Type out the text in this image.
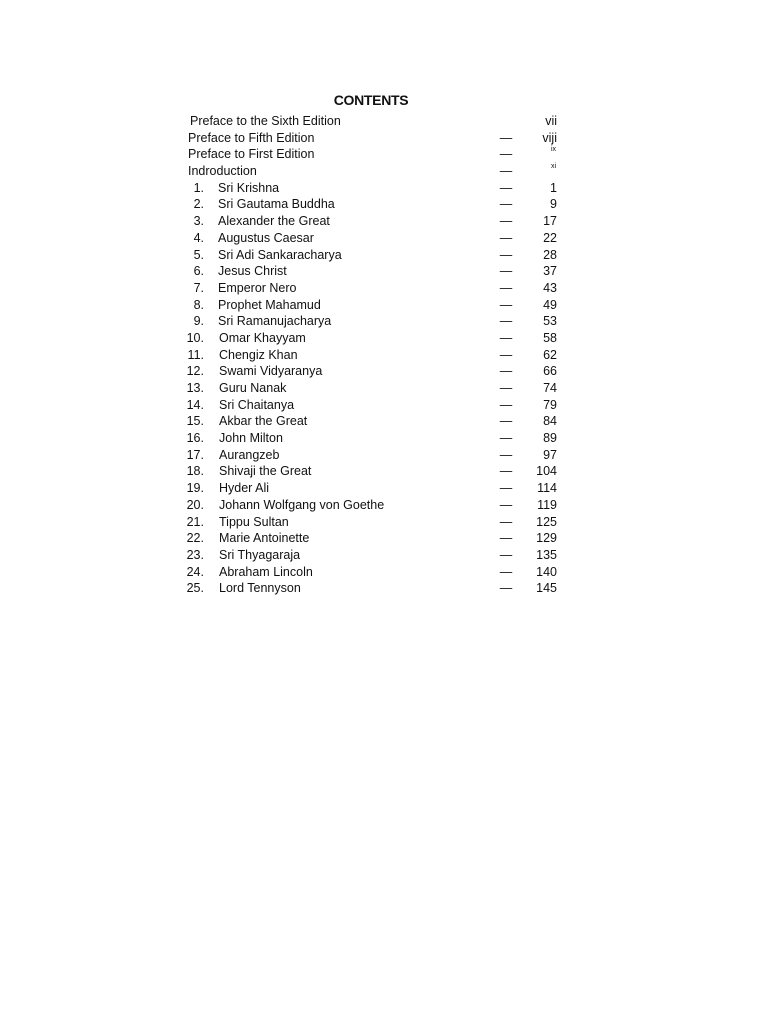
CONTENTS
Preface to the Sixth Edition	vii
Preface to Fifth Edition	— viji
Preface to First Edition	—	ix
Indroduction	—	xi
1. Sri Krishna	—	1
2. Sri Gautama Buddha	—	9
3. Alexander the Great	— 17
4. Augustus Caesar	— 22
5. Sri Adi Sankaracharya	— 28
6. Jesus Christ	— 37
7. Emperor Nero	— 43
8. Prophet Mahamud	— 49
9. Sri Ramanujacharya	— 53
10. Omar Khayyam	— 58
11. Chengiz Khan	— 62
12. Swami Vidyaranya	— 66
13. Guru Nanak	— 74
14. Sri Chaitanya	— 79
15. Akbar the Great	— 84
16. John Milton	— 89
17. Aurangzeb	— 97
18. Shivaji the Great	— 104
19. Hyder Ali	— 114
20. Johann Wolfgang von Goethe	— 119
21. Tippu Sultan	— 125
22. Marie Antoinette	— 129
23. Sri Thyagaraja	— 135
24. Abraham Lincoln	— 140
25. Lord Tennyson	— 145
